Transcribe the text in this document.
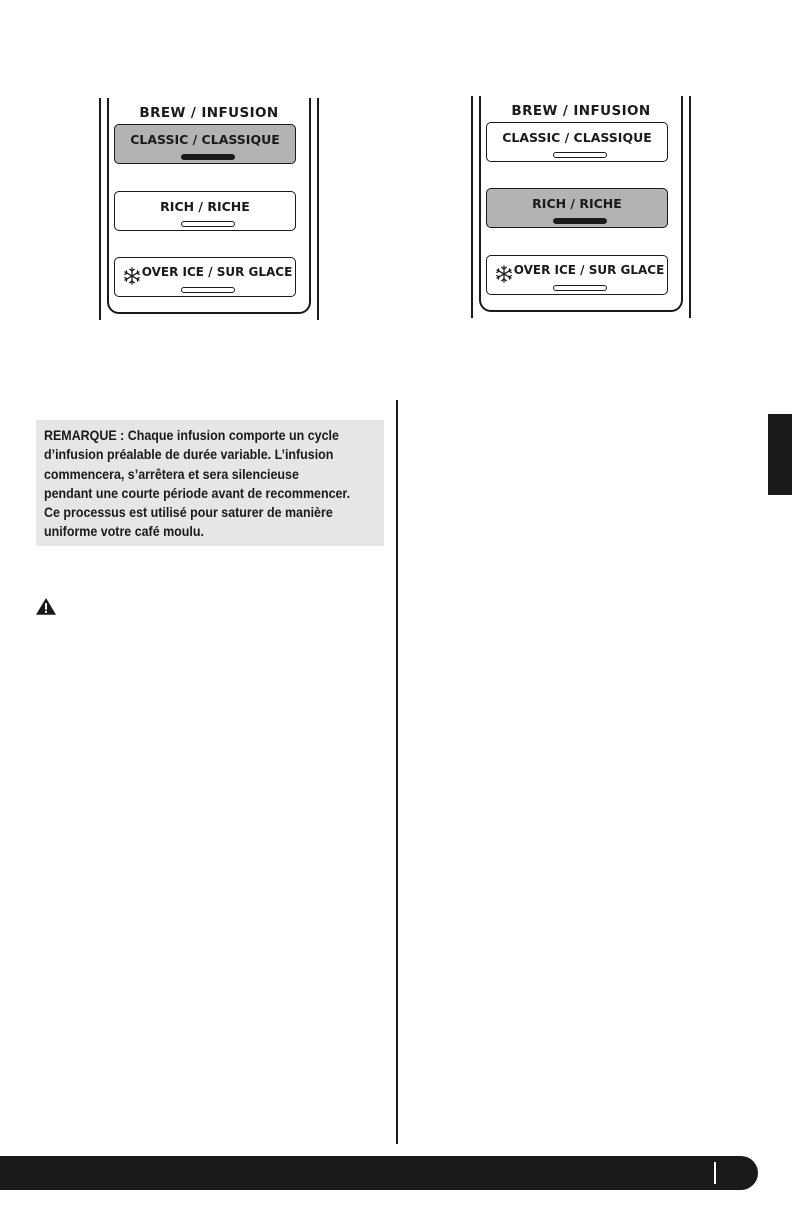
BREW / INFUSION
CLASSIC / CLASSIQUE
RICH / RICHE
OVER ICE / SUR GLACE
BREW / INFUSION
CLASSIC / CLASSIQUE
RICH / RICHE
OVER ICE / SUR GLACE
REMARQUE : Chaque infusion comporte un cycle
d’infusion préalable de durée variable. L’infusion
commencera, s’arrêtera et sera silencieuse
pendant une courte période avant de recommencer.
Ce processus est utilisé pour saturer de manière
uniforme votre café moulu.
